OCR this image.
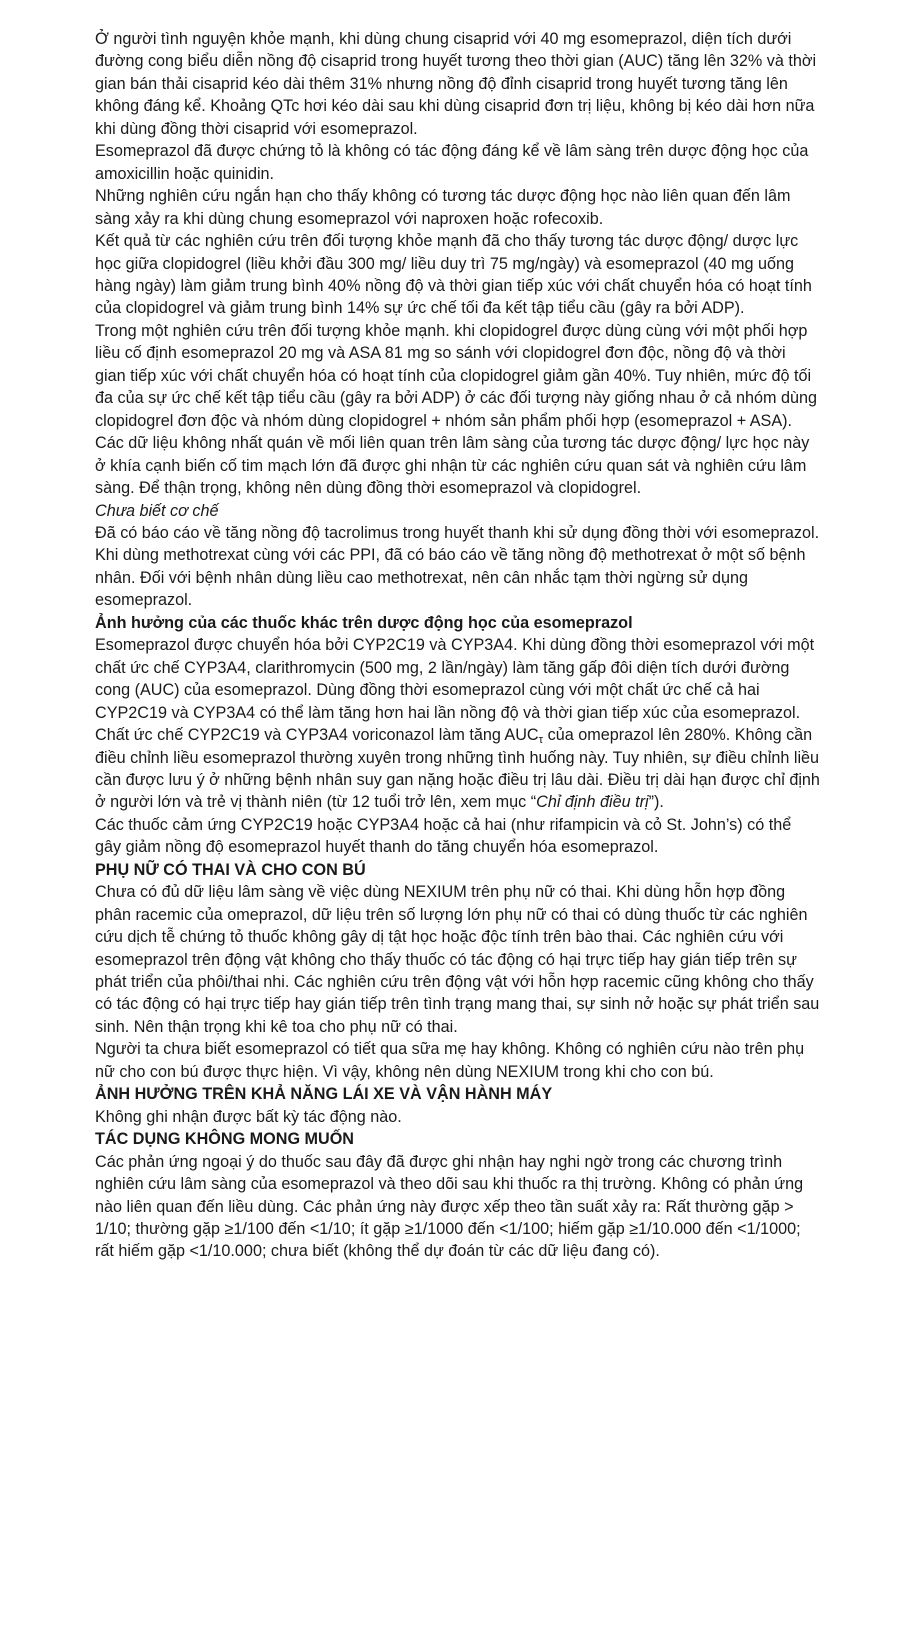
Ở người tình nguyện khỏe mạnh, khi dùng chung cisaprid với 40 mg esomeprazol, diện tích dưới đường cong biểu diễn nồng độ cisaprid trong huyết tương theo thời gian (AUC) tăng lên 32% và thời gian bán thải cisaprid kéo dài thêm 31% nhưng nồng độ đỉnh cisaprid trong huyết tương tăng lên không đáng kể. Khoảng QTc hơi kéo dài sau khi dùng cisaprid đơn trị liệu, không bị kéo dài hơn nữa khi dùng đồng thời cisaprid với esomeprazol.

Esomeprazol đã được chứng tỏ là không có tác động đáng kể về lâm sàng trên dược động học của amoxicillin hoặc quinidin.

Những nghiên cứu ngắn hạn cho thấy không có tương tác dược động học nào liên quan đến lâm sàng xảy ra khi dùng chung esomeprazol với naproxen hoặc rofecoxib.

Kết quả từ các nghiên cứu trên đối tượng khỏe mạnh đã cho thấy tương tác dược động/ dược lực học giữa clopidogrel (liều khởi đầu 300 mg/ liều duy trì 75 mg/ngày) và esomeprazol (40 mg uống hàng ngày) làm giảm trung bình 40% nồng độ và thời gian tiếp xúc với chất chuyển hóa có hoạt tính của clopidogrel và giảm trung bình 14% sự ức chế tối đa kết tập tiểu cầu (gây ra bởi ADP).

Trong một nghiên cứu trên đối tượng khỏe mạnh. khi clopidogrel được dùng cùng với một phối hợp liều cố định esomeprazol 20 mg và ASA 81 mg so sánh với clopidogrel đơn độc, nồng độ và thời gian tiếp xúc với chất chuyển hóa có hoạt tính của clopidogrel giảm gần 40%. Tuy nhiên, mức độ tối đa của sự ức chế kết tập tiểu cầu (gây ra bởi ADP) ở các đối tượng này giống nhau ở cả nhóm dùng clopidogrel đơn độc và nhóm dùng clopidogrel + nhóm sản phẩm phối hợp (esomeprazol + ASA).

Các dữ liệu không nhất quán về mối liên quan trên lâm sàng của tương tác dược động/ lực học này ở khía cạnh biến cố tim mạch lớn đã được ghi nhận từ các nghiên cứu quan sát và nghiên cứu lâm sàng. Để thận trọng, không nên dùng đồng thời esomeprazol và clopidogrel.

Chưa biết cơ chế

Đã có báo cáo về tăng nồng độ tacrolimus trong huyết thanh khi sử dụng đồng thời với esomeprazol.

Khi dùng methotrexat cùng với các PPI, đã có báo cáo về tăng nồng độ methotrexat ở một số bệnh nhân. Đối với bệnh nhân dùng liều cao methotrexat, nên cân nhắc tạm thời ngừng sử dụng esomeprazol.

Ảnh hưởng của các thuốc khác trên dược động học của esomeprazol

Esomeprazol được chuyển hóa bởi CYP2C19 và CYP3A4. Khi dùng đồng thời esomeprazol với một chất ức chế CYP3A4, clarithromycin (500 mg, 2 lần/ngày) làm tăng gấp đôi diện tích dưới đường cong (AUC) của esomeprazol. Dùng đồng thời esomeprazol cùng với một chất ức chế cả hai CYP2C19 và CYP3A4 có thể làm tăng hơn hai lần nồng độ và thời gian tiếp xúc của esomeprazol. Chất ức chế CYP2C19 và CYP3A4 voriconazol làm tăng $AUC_\tau$ của omeprazol lên 280%. Không cần điều chỉnh liều esomeprazol thường xuyên trong những tình huống này. Tuy nhiên, sự điều chỉnh liều cần được lưu ý ở những bệnh nhân suy gan nặng hoặc điều trị lâu dài. Điều trị dài hạn được chỉ định ở người lớn và trẻ vị thành niên (từ 12 tuổi trở lên, xem mục “Chỉ định điều trị”).

Các thuốc cảm ứng CYP2C19 hoặc CYP3A4 hoặc cả hai (như rifampicin và cỏ St. John’s) có thể gây giảm nồng độ esomeprazol huyết thanh do tăng chuyển hóa esomeprazol.

PHỤ NỮ CÓ THAI VÀ CHO CON BÚ

Chưa có đủ dữ liệu lâm sàng về việc dùng NEXIUM trên phụ nữ có thai. Khi dùng hỗn hợp đồng phân racemic của omeprazol, dữ liệu trên số lượng lớn phụ nữ có thai có dùng thuốc từ các nghiên cứu dịch tễ chứng tỏ thuốc không gây dị tật học hoặc độc tính trên bào thai. Các nghiên cứu với esomeprazol trên động vật không cho thấy thuốc có tác động có hại trực tiếp hay gián tiếp trên sự phát triển của phôi/thai nhi. Các nghiên cứu trên động vật với hỗn hợp racemic cũng không cho thấy có tác động có hại trực tiếp hay gián tiếp trên tình trạng mang thai, sự sinh nở hoặc sự phát triển sau sinh. Nên thận trọng khi kê toa cho phụ nữ có thai.

Người ta chưa biết esomeprazol có tiết qua sữa mẹ hay không. Không có nghiên cứu nào trên phụ nữ cho con bú được thực hiện. Vì vậy, không nên dùng NEXIUM trong khi cho con bú.

ẢNH HƯỞNG TRÊN KHẢ NĂNG LÁI XE VÀ VẬN HÀNH MÁY

Không ghi nhận được bất kỳ tác động nào.

TÁC DỤNG KHÔNG MONG MUỐN

Các phản ứng ngoại ý do thuốc sau đây đã được ghi nhận hay nghi ngờ trong các chương trình nghiên cứu lâm sàng của esomeprazol và theo dõi sau khi thuốc ra thị trường. Không có phản ứng nào liên quan đến liều dùng. Các phản ứng này được xếp theo tần suất xảy ra: Rất thường gặp > 1/10; thường gặp ≥1/100 đến <1/10; ít gặp ≥1/1000 đến <1/100; hiếm gặp ≥1/10.000 đến <1/1000; rất hiếm gặp <1/10.000; chưa biết (không thể dự đoán từ các dữ liệu đang có).
